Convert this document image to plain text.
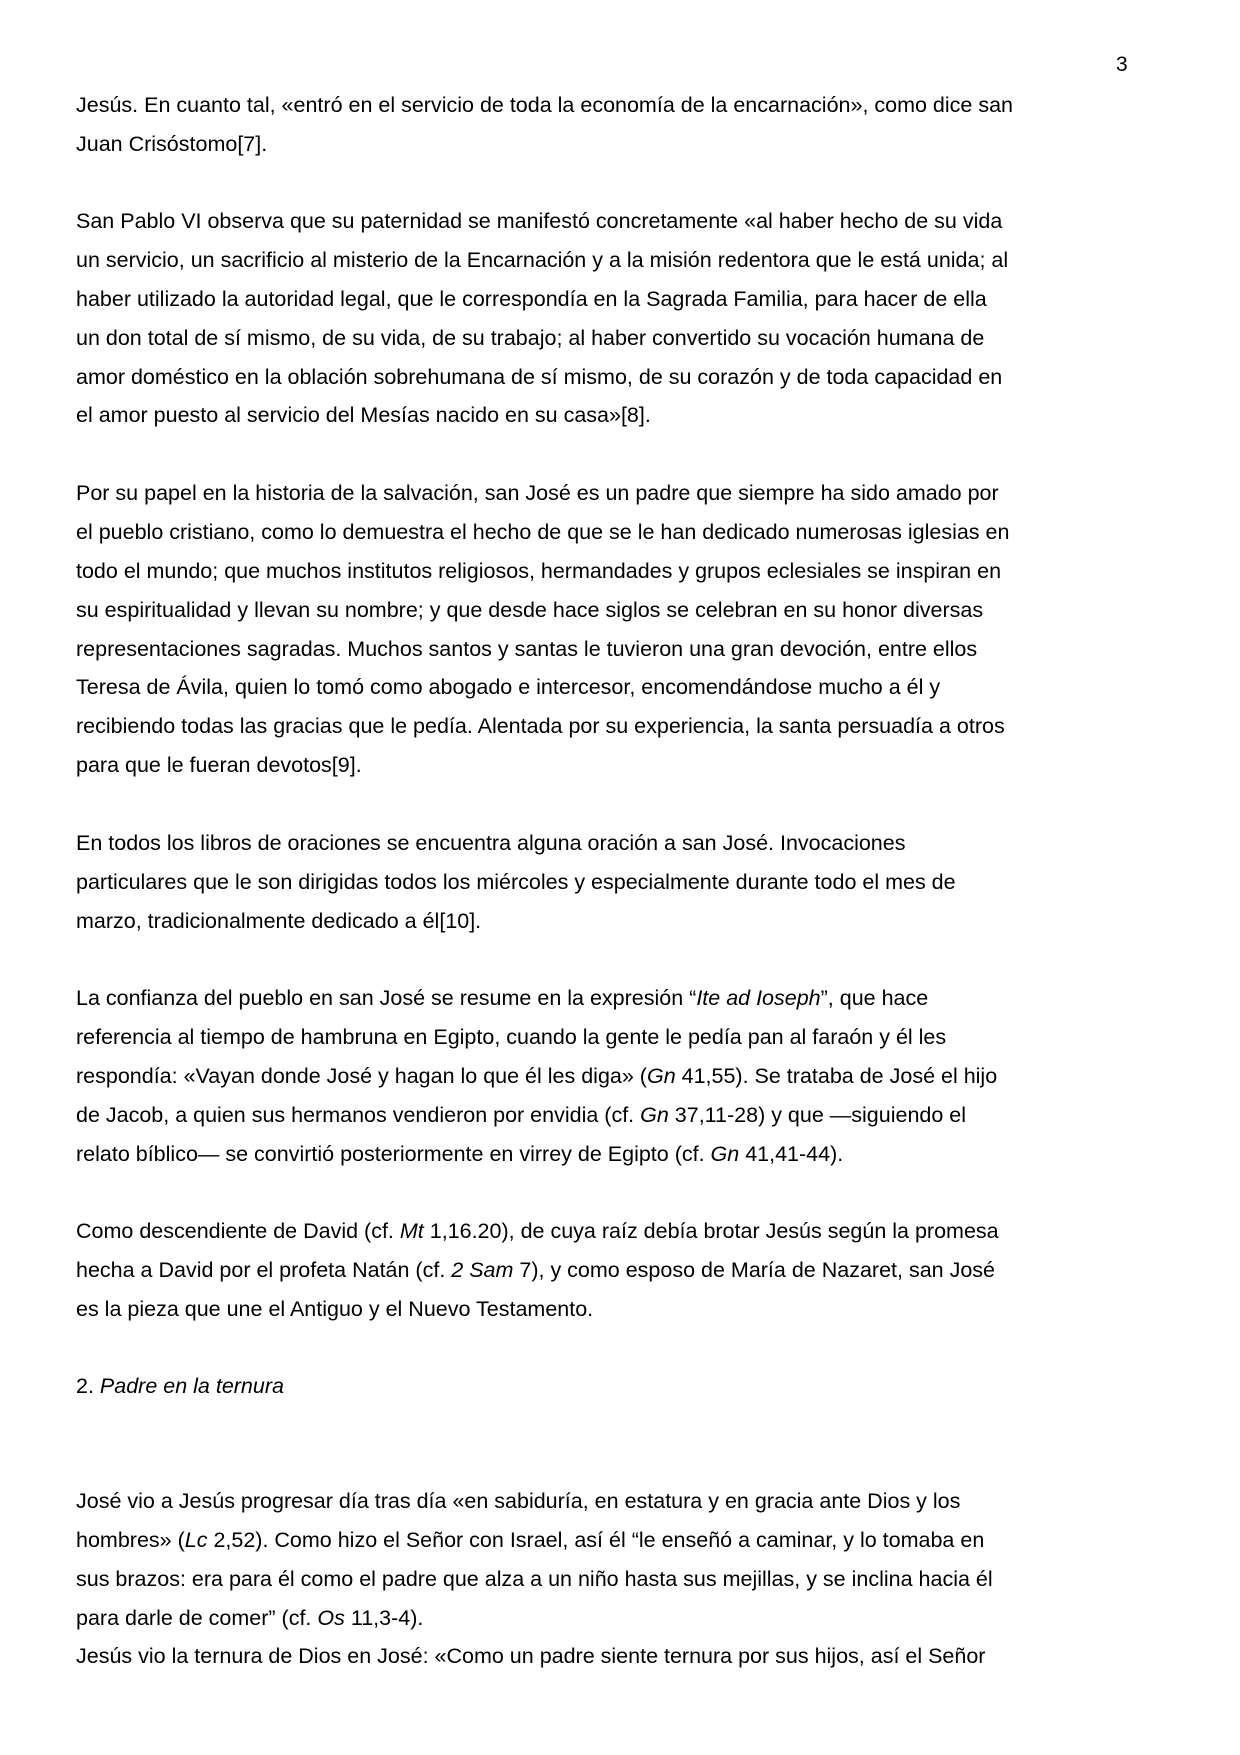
3
Jesús. En cuanto tal, «entró en el servicio de toda la economía de la encarnación», como dice san
Juan Crisóstomo[7].
San Pablo VI observa que su paternidad se manifestó concretamente «al haber hecho de su vida
un servicio, un sacrificio al misterio de la Encarnación y a la misión redentora que le está unida; al
haber utilizado la autoridad legal, que le correspondía en la Sagrada Familia, para hacer de ella
un don total de sí mismo, de su vida, de su trabajo; al haber convertido su vocación humana de
amor doméstico en la oblación sobrehumana de sí mismo, de su corazón y de toda capacidad en
el amor puesto al servicio del Mesías nacido en su casa»[8].
Por su papel en la historia de la salvación, san José es un padre que siempre ha sido amado por
el pueblo cristiano, como lo demuestra el hecho de que se le han dedicado numerosas iglesias en
todo el mundo; que muchos institutos religiosos, hermandades y grupos eclesiales se inspiran en
su espiritualidad y llevan su nombre; y que desde hace siglos se celebran en su honor diversas
representaciones sagradas. Muchos santos y santas le tuvieron una gran devoción, entre ellos
Teresa de Ávila, quien lo tomó como abogado e intercesor, encomendándose mucho a él y
recibiendo todas las gracias que le pedía. Alentada por su experiencia, la santa persuadía a otros
para que le fueran devotos[9].
En todos los libros de oraciones se encuentra alguna oración a san José. Invocaciones
particulares que le son dirigidas todos los miércoles y especialmente durante todo el mes de
marzo, tradicionalmente dedicado a él[10].
La confianza del pueblo en san José se resume en la expresión “Ite ad Ioseph”, que hace
referencia al tiempo de hambruna en Egipto, cuando la gente le pedía pan al faraón y él les
respondía: «Vayan donde José y hagan lo que él les diga» (Gn 41,55). Se trataba de José el hijo
de Jacob, a quien sus hermanos vendieron por envidia (cf. Gn 37,11-28) y que —siguiendo el
relato bíblico— se convirtió posteriormente en virrey de Egipto (cf. Gn 41,41-44).
Como descendiente de David (cf. Mt 1,16.20), de cuya raíz debía brotar Jesús según la promesa
hecha a David por el profeta Natán (cf. 2 Sam 7), y como esposo de María de Nazaret, san José
es la pieza que une el Antiguo y el Nuevo Testamento.
2. Padre en la ternura
José vio a Jesús progresar día tras día «en sabiduría, en estatura y en gracia ante Dios y los
hombres» (Lc 2,52). Como hizo el Señor con Israel, así él “le enseñó a caminar, y lo tomaba en
sus brazos: era para él como el padre que alza a un niño hasta sus mejillas, y se inclina hacia él
para darle de comer” (cf. Os 11,3-4).
Jesús vio la ternura de Dios en José: «Como un padre siente ternura por sus hijos, así el Señor
